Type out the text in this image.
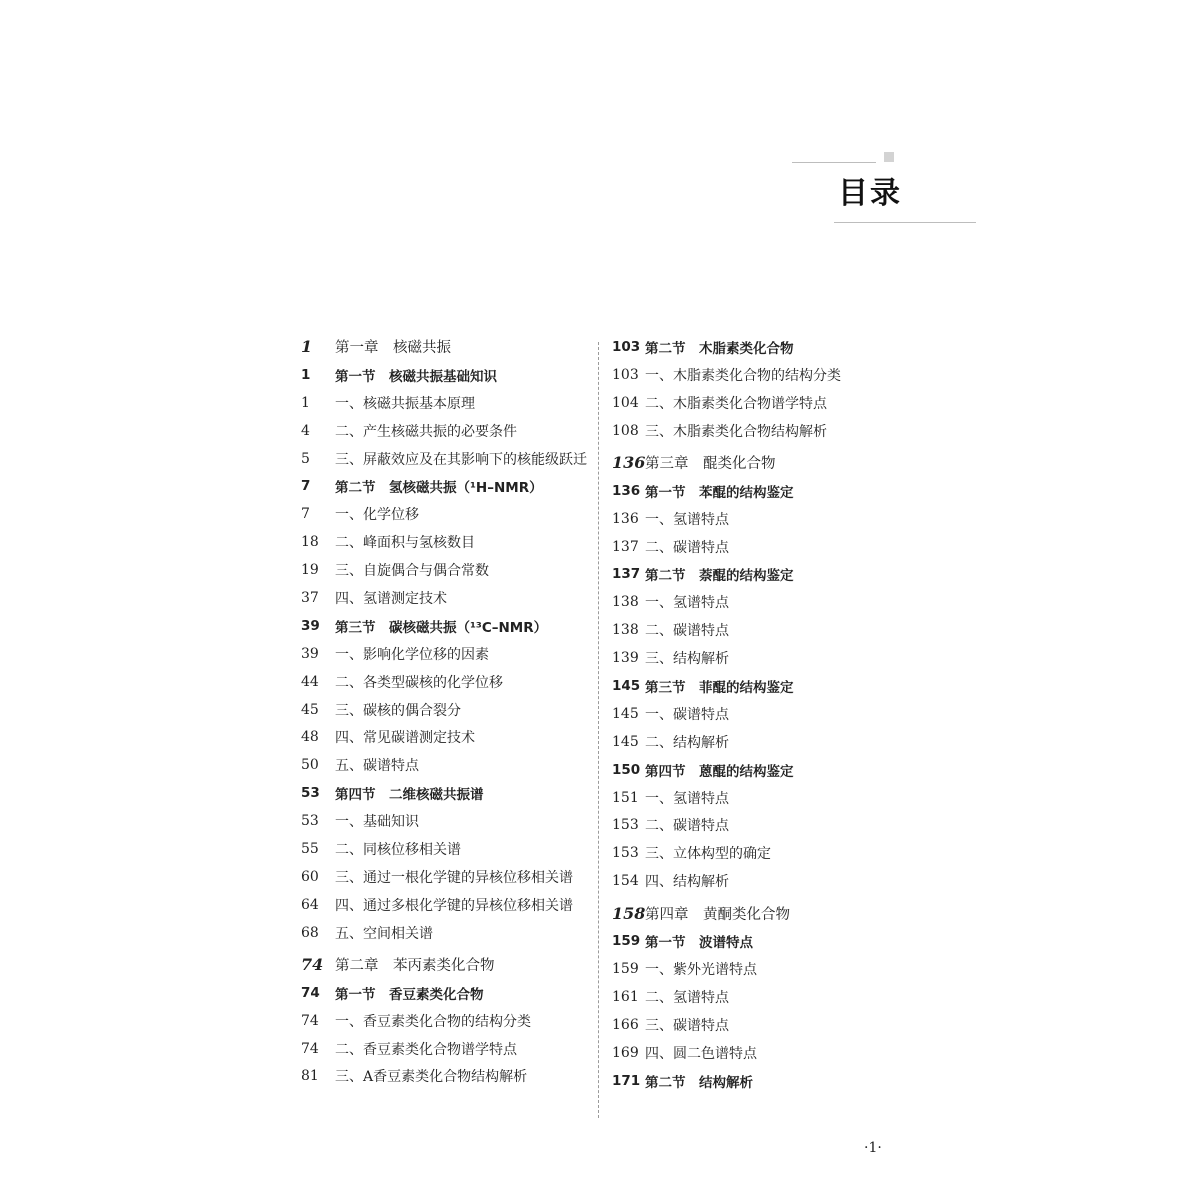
目录
1	第一章　核磁共振
1	第一节　核磁共振基础知识
1	一、核磁共振基本原理
4	二、产生核磁共振的必要条件
5	三、屏蔽效应及在其影响下的核能级跃迁
7	第二节　氢核磁共振（¹H–NMR）
7	一、化学位移
18	二、峰面积与氢核数目
19	三、自旋偶合与偶合常数
37	四、氢谱测定技术
39	第三节　碳核磁共振（¹³C–NMR）
39	一、影响化学位移的因素
44	二、各类型碳核的化学位移
45	三、碳核的偶合裂分
48	四、常见碳谱测定技术
50	五、碳谱特点
53	第四节　二维核磁共振谱
53	一、基础知识
55	二、同核位移相关谱
60	三、通过一根化学键的异核位移相关谱
64	四、通过多根化学键的异核位移相关谱
68	五、空间相关谱
74 第二章　苯丙素类化合物
74	第一节　香豆素类化合物
74	一、香豆素类化合物的结构分类
74	二、香豆素类化合物谱学特点
81	三、A香豆素类化合物结构解析
103 第二节　木脂素类化合物
103 一、木脂素类化合物的结构分类
104 二、木脂素类化合物谱学特点
108 三、木脂素类化合物结构解析
136 第三章　醌类化合物
136 第一节　苯醌的结构鉴定
136 一、氢谱特点
137 二、碳谱特点
137 第二节　萘醌的结构鉴定
138 一、氢谱特点
138 二、碳谱特点
139 三、结构解析
145 第三节　菲醌的结构鉴定
145 一、碳谱特点
145 二、结构解析
150 第四节　蒽醌的结构鉴定
151 一、氢谱特点
153 二、碳谱特点
153 三、立体构型的确定
154 四、结构解析
158 第四章　黄酮类化合物
159 第一节　波谱特点
159 一、紫外光谱特点
161 二、氢谱特点
166 三、碳谱特点
169 四、圆二色谱特点
171 第二节　结构解析
·1·
